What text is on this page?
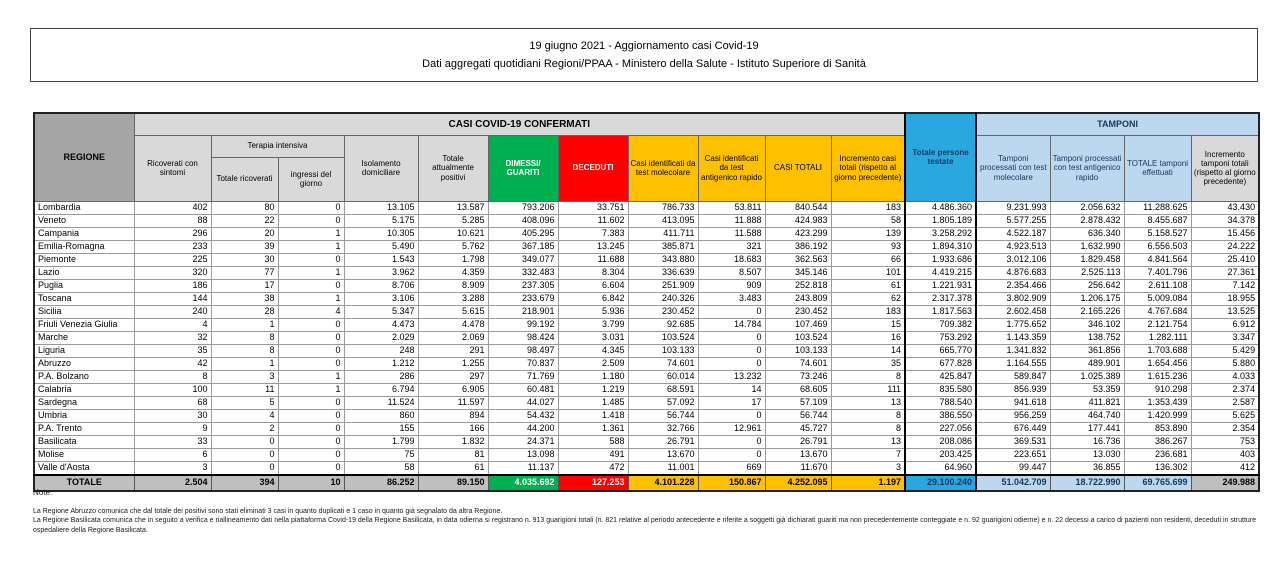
19 giugno 2021 - Aggiornamento casi Covid-19
Dati aggregati quotidiani Regioni/PPAA - Ministero della Salute - Istituto Superiore di Sanità
REGIONE	CASI COVID-19 CONFERMATI											Totale persone testate	TAMPONI			
	Ricoverati con sintomi	Terapia intensiva		Isolamento domiciliare	Totale attualmente positivi	DIMESSI/ GUARITI	DECEDUTI	Casi identificati da test molecolare	Casi identificati da test antigenico rapido	CASI TOTALI	Incremento casi totali (rispetto al giorno precedente)		Tamponi processati con test molecolare	Tamponi processati con test antigenico rapido	TOTALE tamponi effettuati	Incremento tamponi totali (rispetto al giorno precedente)
		Totale ricoverati	ingressi del giorno													
Lombardia	402	80	0	13.105	13.587	793.206	33.751	786.733	53.811	840.544	183	4.486.360	9.231.993	2.056.632	11.288.625	43.430
Veneto	88	22	0	5.175	5.285	408.096	11.602	413.095	11.888	424.983	58	1.805.189	5.577.255	2.878.432	8.455.687	34.378
Campania	296	20	1	10.305	10.621	405.295	7.383	411.711	11.588	423.299	139	3.258.292	4.522.187	636.340	5.158.527	15.456
Emilia-Romagna	233	39	1	5.490	5.762	367.185	13.245	385.871	321	386.192	93	1.894.310	4.923.513	1.632.990	6.556.503	24.222
Piemonte	225	30	0	1.543	1.798	349.077	11.688	343.880	18.683	362.563	66	1.933.686	3.012.106	1.829.458	4.841.564	25.410
Lazio	320	77	1	3.962	4.359	332.483	8.304	336.639	8.507	345.146	101	4.419.215	4.876.683	2.525.113	7.401.796	27.361
Puglia	186	17	0	8.706	8.909	237.305	6.604	251.909	909	252.818	61	1.221.931	2.354.466	256.642	2.611.108	7.142
Toscana	144	38	1	3.106	3.288	233.679	6.842	240.326	3.483	243.809	62	2.317.378	3.802.909	1.206.175	5.009.084	18.955
Sicilia	240	28	4	5.347	5.615	218.901	5.936	230.452	0	230.452	183	1.817.563	2.602.458	2.165.226	4.767.684	13.525
Friuli Venezia Giulia	4	1	0	4.473	4.478	99.192	3.799	92.685	14.784	107.469	15	709.382	1.775.652	346.102	2.121.754	6.912
Marche	32	8	0	2.029	2.069	98.424	3.031	103.524	0	103.524	16	753.292	1.143.359	138.752	1.282.111	3.347
Liguria	35	8	0	248	291	98.497	4.345	103.133	0	103.133	14	665.770	1.341.832	361.856	1.703.688	5.429
Abruzzo	42	1	0	1.212	1.255	70.837	2.509	74.601	0	74.601	35	677.828	1.164.555	489.901	1.654.456	5.880
P.A. Bolzano	8	3	1	286	297	71.769	1.180	60.014	13.232	73.246	8	425.847	589.847	1.025.389	1.615.236	4.033
Calabria	100	11	1	6.794	6.905	60.481	1.219	68.591	14	68.605	111	835.580	856.939	53.359	910.298	2.374
Sardegna	68	5	0	11.524	11.597	44.027	1.485	57.092	17	57.109	13	788.540	941.618	411.821	1.353.439	2.587
Umbria	30	4	0	860	894	54.432	1.418	56.744	0	56.744	8	386.550	956.259	464.740	1.420.999	5.625
P.A. Trento	9	2	0	155	166	44.200	1.361	32.766	12.961	45.727	8	227.056	676.449	177.441	853.890	2.354
Basilicata	33	0	0	1.799	1.832	24.371	588	26.791	0	26.791	13	208.086	369.531	16.736	386.267	753
Molise	6	0	0	75	81	13.098	491	13.670	0	13.670	7	203.425	223.651	13.030	236.681	403
Valle d'Aosta	3	0	0	58	61	11.137	472	11.001	669	11.670	3	64.960	99.447	36.855	136.302	412
TOTALE	2.504	394	10	86.252	89.150	4.035.692	127.253	4.101.228	150.867	4.252.095	1.197	29.100.240	51.042.709	18.722.990	69.765.699	249.988
Note:

La Regione Abruzzo comunica che dal totale dei positivi sono stati eliminati 3 casi in quanto duplicati e 1 caso in quanto già segnalato da altra Regione.

La Regione Basilicata comunica che in seguito a verifica e riallineamento dati nella piattaforma Covid-19 della Regione Basilicata, in data odierna si registrano n. 913 guarigioni totali (n. 821 relative al periodo antecedente e riferite a soggetti già dichiarati guariti ma non precedentemente conteggiate e n. 92 guarigioni odierne) e n. 22 decessi a carico di pazienti non residenti, deceduti in strutture ospedaliere della Regione Basilicata.
